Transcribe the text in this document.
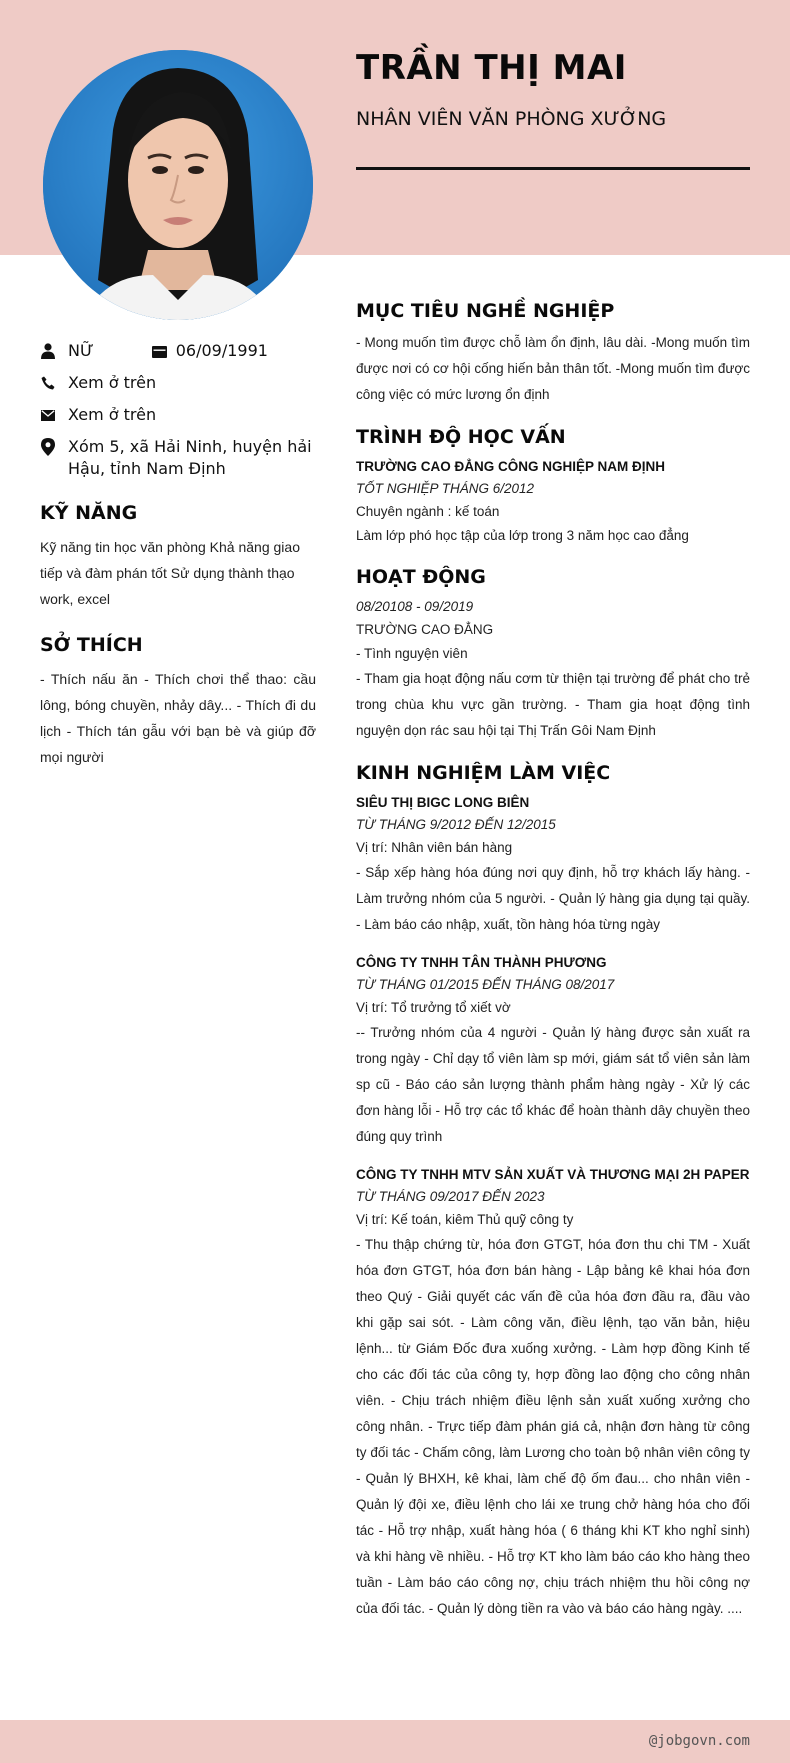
TRẦN THỊ MAI
NHÂN VIÊN VĂN PHÒNG XƯỞNG
NỮ	06/09/1991
Xem ở trên
Xem ở trên
Xóm 5, xã Hải Ninh, huyện hải Hậu, tỉnh Nam Định
KỸ NĂNG
Kỹ năng tin học văn phòng Khả năng giao tiếp và đàm phán tốt Sử dụng thành thạo work, excel
SỞ THÍCH
- Thích nấu ăn - Thích chơi thể thao: cầu lông, bóng chuyền, nhảy dây... - Thích đi du lịch - Thích tán gẫu với bạn bè và giúp đỡ mọi người
MỤC TIÊU NGHỀ NGHIỆP
- Mong muốn tìm được chỗ làm ổn định, lâu dài. -Mong muốn tìm được nơi có cơ hội cống hiến bản thân tốt. -Mong muốn tìm được công việc có mức lương ổn định
TRÌNH ĐỘ HỌC VẤN
TRƯỜNG CAO ĐẲNG CÔNG NGHIỆP NAM ĐỊNH
TỐT NGHIỆP THÁNG 6/2012
Chuyên ngành : kế toán
Làm lớp phó học tập của lớp trong 3 năm học cao đẳng
HOẠT ĐỘNG
08/20108 - 09/2019
TRƯỜNG CAO ĐẲNG
- Tình nguyện viên
- Tham gia hoạt động nấu cơm từ thiện tại trường để phát cho trẻ trong chùa khu vực gần trường. - Tham gia hoạt động tình nguyện dọn rác sau hội tại Thị Trấn Gôi Nam Định
KINH NGHIỆM LÀM VIỆC
SIÊU THỊ BIGC LONG BIÊN
TỪ THÁNG 9/2012 ĐẾN 12/2015
Vị trí: Nhân viên bán hàng
- Sắp xếp hàng hóa đúng nơi quy định, hỗ trợ khách lấy hàng. - Làm trưởng nhóm của 5 người. - Quản lý hàng gia dụng tại quầy. - Làm báo cáo nhập, xuất, tồn hàng hóa từng ngày
CÔNG TY TNHH TÂN THÀNH PHƯƠNG
TỪ THÁNG 01/2015 ĐẾN THÁNG 08/2017
Vị trí: Tổ trưởng tổ xiết vờ
-- Trưởng nhóm của 4 người - Quản lý hàng được sản xuất ra trong ngày - Chỉ dạy tổ viên làm sp mới, giám sát tổ viên sản làm sp cũ - Báo cáo sản lượng thành phẩm hàng ngày - Xử lý các đơn hàng lỗi - Hỗ trợ các tổ khác để hoàn thành dây chuyền theo đúng quy trình
CÔNG TY TNHH MTV SẢN XUẤT VÀ THƯƠNG MẠI 2H PAPER
TỪ THÁNG 09/2017 ĐẾN 2023
Vị trí: Kế toán, kiêm Thủ quỹ công ty
- Thu thập chứng từ, hóa đơn GTGT, hóa đơn thu chi TM - Xuất hóa đơn GTGT, hóa đơn bán hàng - Lập bảng kê khai hóa đơn theo Quý - Giải quyết các vấn đề của hóa đơn đầu ra, đầu vào khi gặp sai sót. - Làm công văn, điều lệnh, tạo văn bản, hiệu lệnh... từ Giám Đốc đưa xuống xưởng. - Làm hợp đồng Kinh tế cho các đối tác của công ty, hợp đồng lao động cho công nhân viên. - Chịu trách nhiệm điều lệnh sản xuất xuống xưởng cho công nhân. - Trực tiếp đàm phán giá cả, nhận đơn hàng từ công ty đối tác - Chấm công, làm Lương cho toàn bộ nhân viên công ty - Quản lý BHXH, kê khai, làm chế độ ốm đau... cho nhân viên - Quản lý đội xe, điều lệnh cho lái xe trung chở hàng hóa cho đối tác - Hỗ trợ nhập, xuất hàng hóa ( 6 tháng khi KT kho nghỉ sinh) và khi hàng về nhiều. - Hỗ trợ KT kho làm báo cáo kho hàng theo tuần - Làm báo cáo công nợ, chịu trách nhiệm thu hồi công nợ của đối tác. - Quản lý dòng tiền ra vào và báo cáo hàng ngày. ....
@jobgovn.com
